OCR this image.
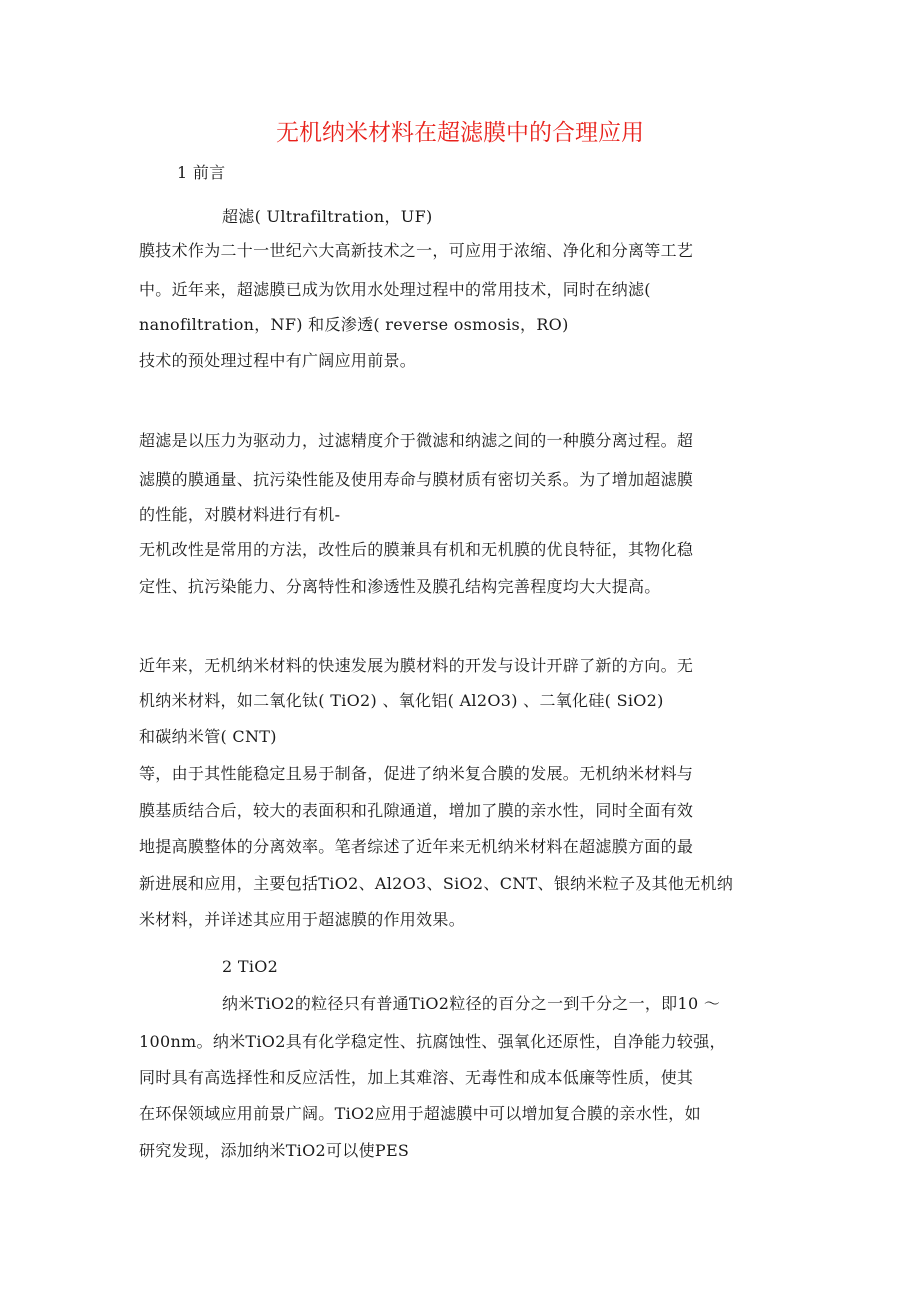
无机纳米材料在超滤膜中的合理应用
1 前言
超滤( Ultrafiltration，UF)
膜技术作为二十一世纪六大高新技术之一，可应用于浓缩、净化和分离等工艺
中。近年来，超滤膜已成为饮用水处理过程中的常用技术，同时在纳滤(
nanofiltration，NF) 和反渗透( reverse osmosis，RO)
技术的预处理过程中有广阔应用前景。
超滤是以压力为驱动力，过滤精度介于微滤和纳滤之间的一种膜分离过程。超
滤膜的膜通量、抗污染性能及使用寿命与膜材质有密切关系。为了增加超滤膜
的性能，对膜材料进行有机-
无机改性是常用的方法，改性后的膜兼具有机和无机膜的优良特征，其物化稳
定性、抗污染能力、分离特性和渗透性及膜孔结构完善程度均大大提高。
近年来，无机纳米材料的快速发展为膜材料的开发与设计开辟了新的方向。无
机纳米材料，如二氧化钛( TiO2) 、氧化铝( Al2O3) 、二氧化硅( SiO2)
和碳纳米管( CNT)
等，由于其性能稳定且易于制备，促进了纳米复合膜的发展。无机纳米材料与
膜基质结合后，较大的表面积和孔隙通道，增加了膜的亲水性，同时全面有效
地提高膜整体的分离效率。笔者综述了近年来无机纳米材料在超滤膜方面的最
新进展和应用，主要包括TiO2、Al2O3、SiO2、CNT、银纳米粒子及其他无机纳
米材料，并详述其应用于超滤膜的作用效果。
2 TiO2
纳米TiO2的粒径只有普通TiO2粒径的百分之一到千分之一，即10 ～
100nm。纳米TiO2具有化学稳定性、抗腐蚀性、强氧化还原性，自净能力较强，
同时具有高选择性和反应活性，加上其难溶、无毒性和成本低廉等性质，使其
在环保领域应用前景广阔。TiO2应用于超滤膜中可以增加复合膜的亲水性，如
研究发现，添加纳米TiO2可以使PES
